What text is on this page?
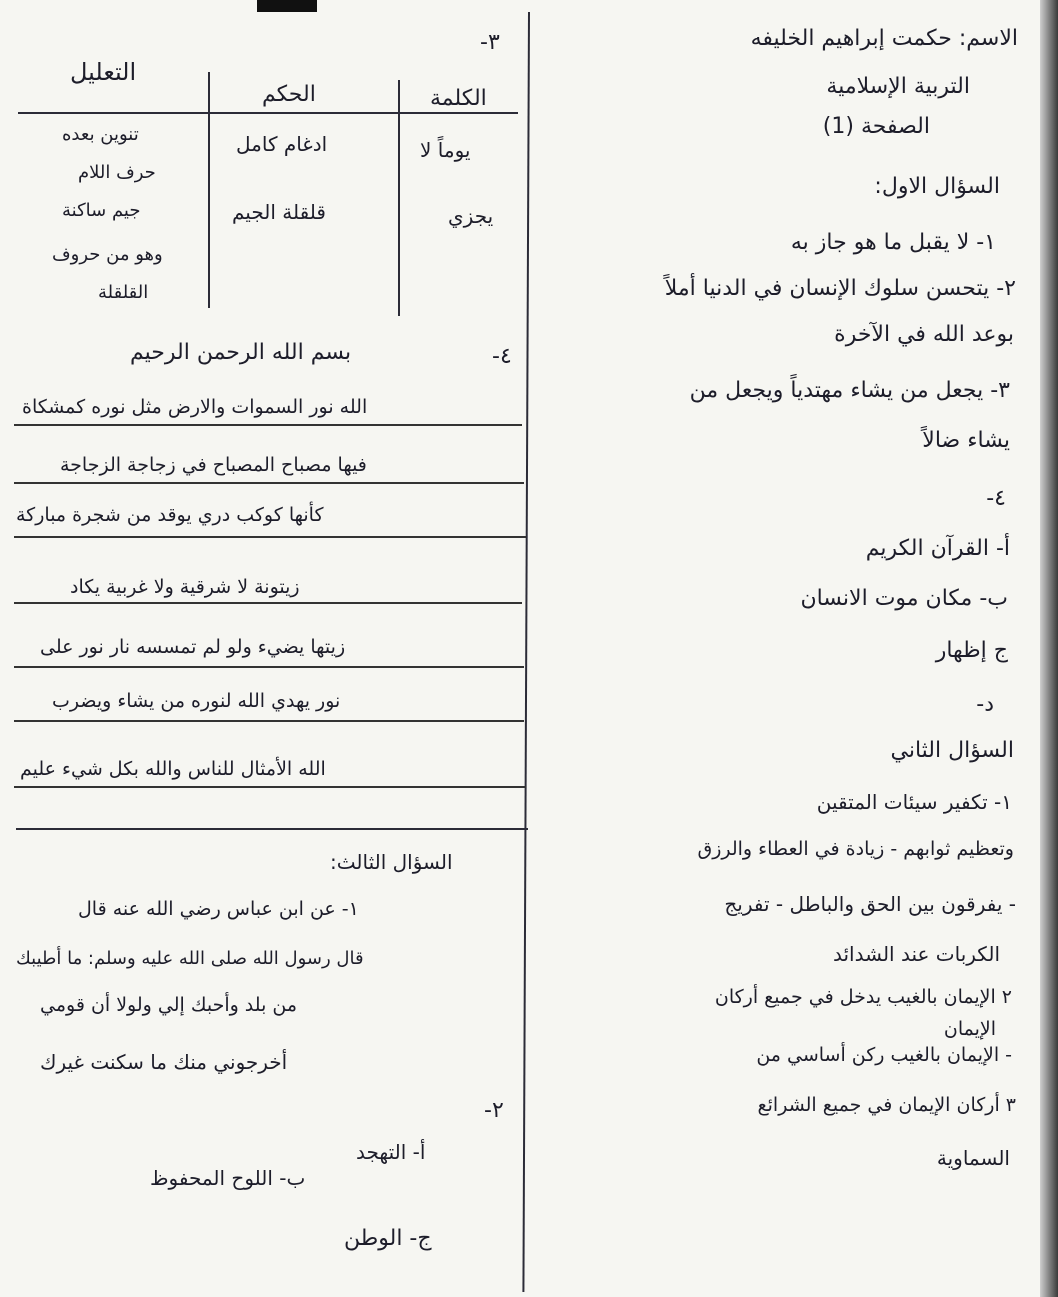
الاسم: حكمت إبراهيم الخليفه
التربية الإسلامية
الصفحة (1)
السؤال الاول:
١- لا يقبل ما هو جاز به
٢- يتحسن سلوك الإنسان في الدنيا أملاً
بوعد الله في الآخرة
٣- يجعل من يشاء مهتدياً ويجعل من
يشاء ضالاً
٤-
أ- القرآن الكريم
ب- مكان موت الانسان
ج إظهار
د-
السؤال الثاني
١- تكفير سيئات المتقين
وتعظيم ثوابهم - زيادة في العطاء والرزق
- يفرقون بين الحق والباطل - تفريج
الكربات عند الشدائد
٢ الإيمان بالغيب يدخل في جميع أركان
الإيمان
- الإيمان بالغيب ركن أساسي من
٣ أركان الإيمان في جميع الشرائع
السماوية
٣-
الكلمة
الحكم
التعليل
يوماً لا
ادغام كامل
تنوين بعده
حرف اللام
يجزي
قلقلة الجيم
جيم ساكنة
وهو من حروف
القلقلة
٤-
بسم الله الرحمن الرحيم
الله نور السموات والارض مثل نوره كمشكاة
فيها مصباح المصباح في زجاجة الزجاجة
كأنها كوكب دري يوقد من شجرة مباركة
زيتونة لا شرقية ولا غربية يكاد
زيتها يضيء ولو لم تمسسه نار نور على
نور يهدي الله لنوره من يشاء ويضرب
الله الأمثال للناس والله بكل شيء عليم
السؤال الثالث:
١- عن ابن عباس رضي الله عنه قال
قال رسول الله صلى الله عليه وسلم: ما أطيبك
من بلد وأحبك إلي ولولا أن قومي
أخرجوني منك ما سكنت غيرك
٢-
أ- التهجد
ب- اللوح المحفوظ
ج- الوطن
